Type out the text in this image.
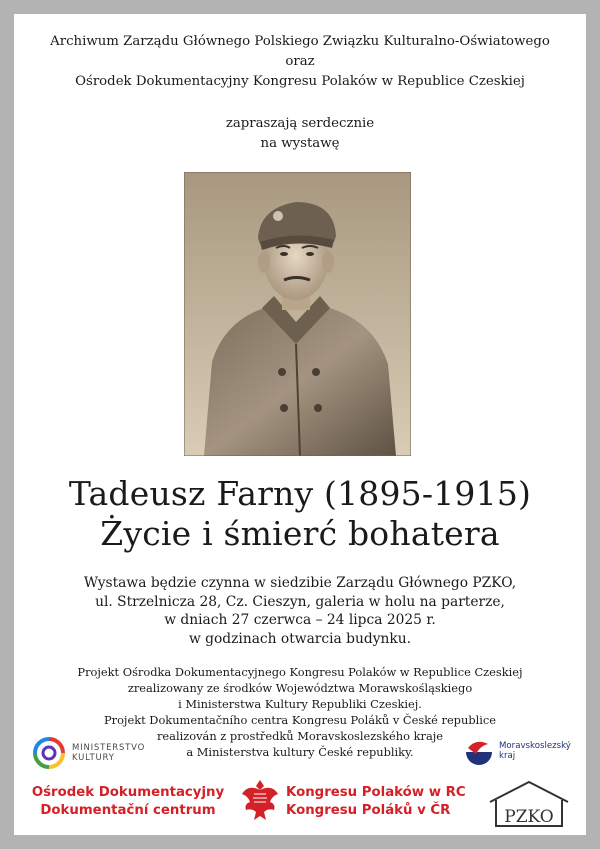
Archiwum Zarządu Głównego Polskiego Związku Kulturalno-Oświatowego
oraz
Ośrodek Dokumentacyjny Kongresu Polaków w Republice Czeskiej
zapraszają serdecznie
na wystawę
Tadeusz Farny (1895-1915)
Życie i śmierć bohatera
Wystawa będzie czynna w siedzibie Zarządu Głównego PZKO,
ul. Strzelnicza 28, Cz. Cieszyn, galeria w holu na parterze,
w dniach 27 czerwca – 24 lipca 2025 r.
w godzinach otwarcia budynku.
Projekt Ośrodka Dokumentacyjnego Kongresu Polaków w Republice Czeskiej
zrealizowany ze środków Województwa Morawskośląskiego
i Ministerstwa Kultury Republiki Czeskiej.
Projekt Dokumentačního centra Kongresu Poláků v České republice
realizován z prostředků Moravskoslezského kraje
a Ministerstva kultury České republiky.
MINISTERSTVO
KULTURY
Moravskoslezský
kraj
Ośrodek Dokumentacyjny
Dokumentační centrum
Kongresu Polaków w RC
Kongresu Poláků v ČR	PZKO
